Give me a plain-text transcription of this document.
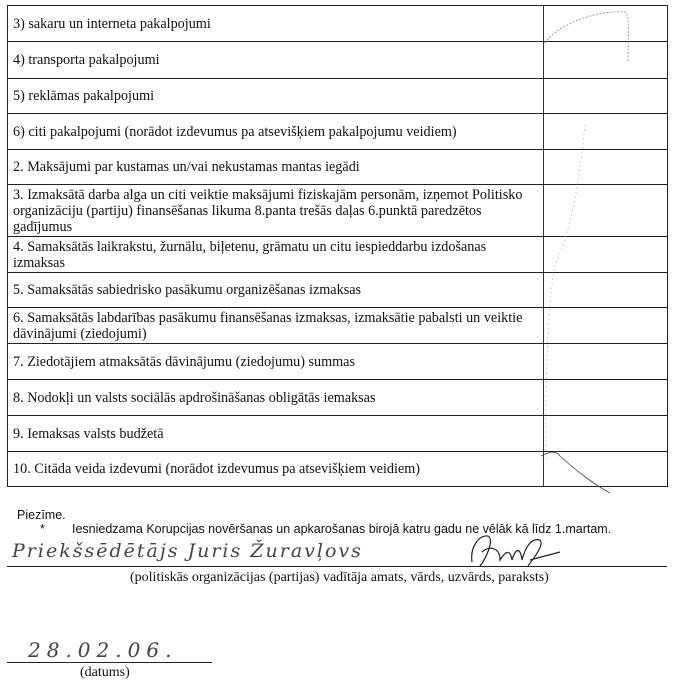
3) sakaru un interneta pakalpojumi
4) transporta pakalpojumi
5) reklāmas pakalpojumi
6) citi pakalpojumi (norādot izdevumus pa atsevišķiem pakalpojumu veidiem)
2. Maksājumi par kustamas un/vai nekustamas mantas iegādi
3. Izmaksātā darba alga un citi veiktie maksājumi fiziskajām personām, izņemot Politisko organizāciju (partiju) finansēšanas likuma 8.panta trešās daļas 6.punktā paredzētos gadījumus
4. Samaksātās laikrakstu, žurnālu, biļetenu, grāmatu un citu iespieddarbu izdošanas izmaksas
5. Samaksātās sabiedrisko pasākumu organizēšanas izmaksas
6. Samaksātās labdarības pasākumu finansēšanas izmaksas, izmaksātie pabalsti un veiktie dāvinājumi (ziedojumi)
7. Ziedotājiem atmaksātās dāvinājumu (ziedojumu) summas
8. Nodokļi un valsts sociālās apdrošināšanas obligātās iemaksas
9. Iemaksas valsts budžetā
10. Citāda veida izdevumi (norādot izdevumus pa atsevišķiem veidiem)
Piezīme.
* Iesniedzama Korupcijas novēršanas un apkarošanas birojā katru gadu ne vēlāk kā līdz 1.martam.
Priekšsēdētājs Juris Žuravļovs
(politiskās organizācijas (partijas) vadītāja amats, vārds, uzvārds, paraksts)
28.02.06.
(datums)
